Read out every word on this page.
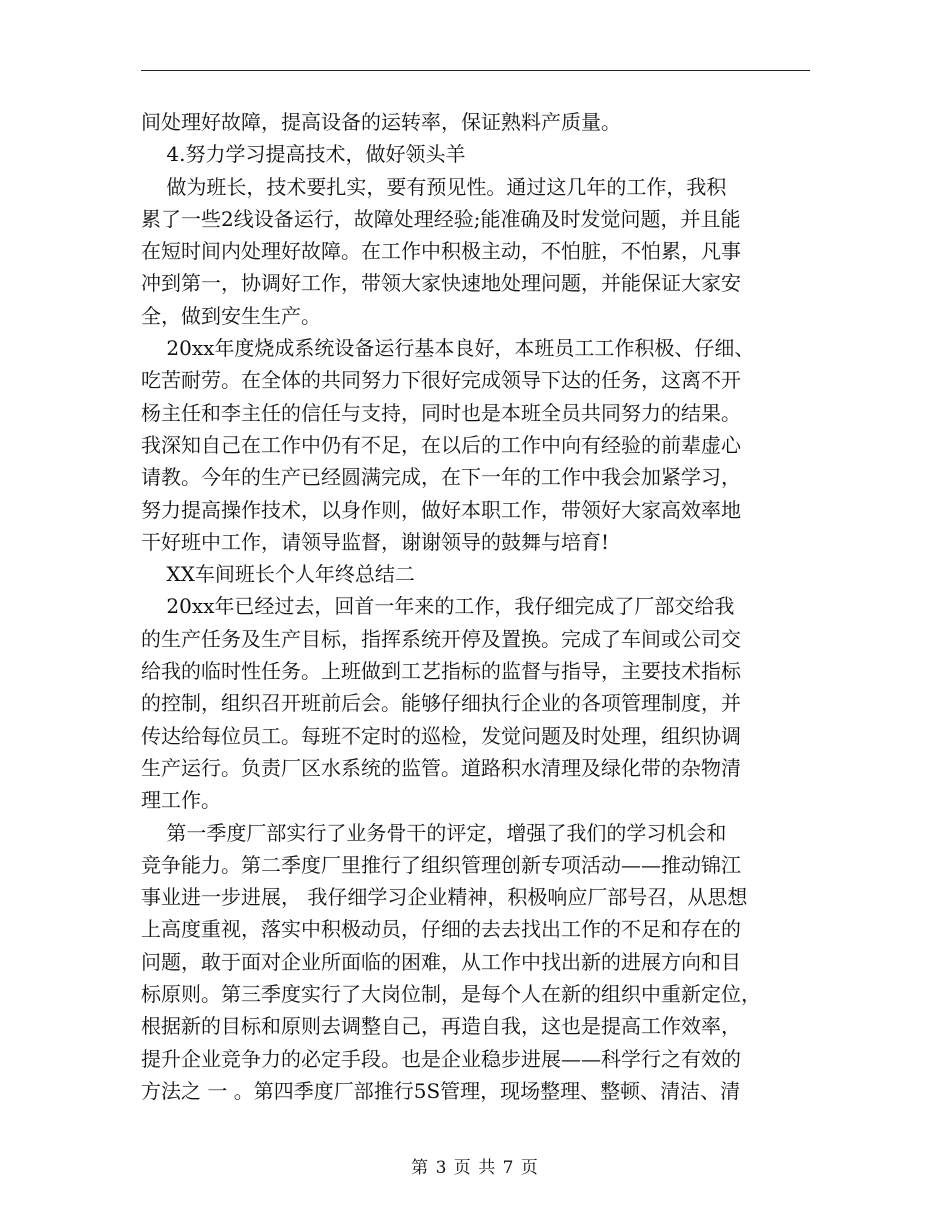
间处理好故障，提高设备的运转率，保证熟料产质量。
4.努力学习提高技术，做好领头羊
做为班长，技术要扎实，要有预见性。通过这几年的工作，我积
累了一些2线设备运行，故障处理经验;能准确及时发觉问题，并且能
在短时间内处理好故障。在工作中积极主动，不怕脏，不怕累，凡事
冲到第一，协调好工作，带领大家快速地处理问题，并能保证大家安
全，做到安生生产。
20xx年度烧成系统设备运行基本良好，本班员工工作积极、仔细、
吃苦耐劳。在全体的共同努力下很好完成领导下达的任务，这离不开
杨主任和李主任的信任与支持，同时也是本班全员共同努力的结果。
我深知自己在工作中仍有不足，在以后的工作中向有经验的前辈虚心
请教。今年的生产已经圆满完成，在下一年的工作中我会加紧学习，
努力提高操作技术，以身作则，做好本职工作，带领好大家高效率地
干好班中工作，请领导监督，谢谢领导的鼓舞与培育!
XX车间班长个人年终总结二
20xx年已经过去，回首一年来的工作，我仔细完成了厂部交给我
的生产任务及生产目标，指挥系统开停及置换。完成了车间或公司交
给我的临时性任务。上班做到工艺指标的监督与指导，主要技术指标
的控制，组织召开班前后会。能够仔细执行企业的各项管理制度，并
传达给每位员工。每班不定时的巡检，发觉问题及时处理，组织协调
生产运行。负责厂区水系统的监管。道路积水清理及绿化带的杂物清
理工作。
第一季度厂部实行了业务骨干的评定，增强了我们的学习机会和
竞争能力。第二季度厂里推行了组织管理创新专项活动——推动锦江
事业进一步进展， 我仔细学习企业精神，积极响应厂部号召，从思想
上高度重视，落实中积极动员，仔细的去去找出工作的不足和存在的
问题，敢于面对企业所面临的困难，从工作中找出新的进展方向和目
标原则。第三季度实行了大岗位制，是每个人在新的组织中重新定位，
根据新的目标和原则去调整自己，再造自我，这也是提高工作效率，
提升企业竞争力的必定手段。也是企业稳步进展——科学行之有效的
方法之 一 。第四季度厂部推行5S管理，现场整理、整顿、清洁、清
第 3 页 共 7 页
